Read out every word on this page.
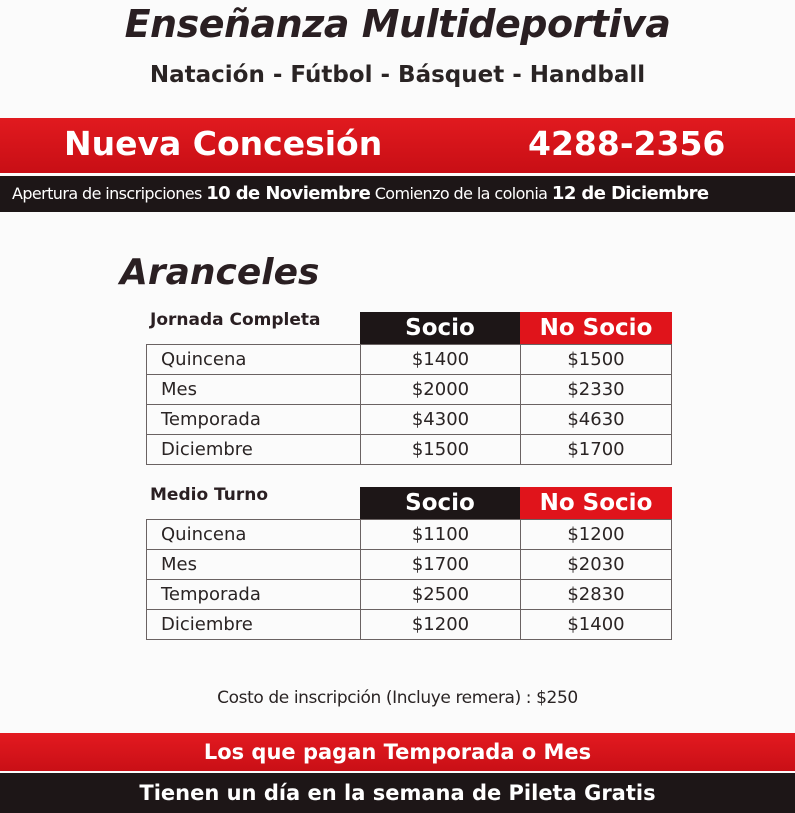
Enseñanza Multideportiva
Natación - Fútbol - Básquet - Handball
Nueva Concesión	4288-2356
Apertura de inscripciones 10 de Noviembre Comienzo de la colonia 12 de Diciembre
Aranceles
Jornada Completa	Socio	No Socio
Quincena	$1400	$1500
Mes	$2000	$2330
Temporada	$4300	$4630
Diciembre	$1500	$1700
Medio Turno	Socio	No Socio
Quincena	$1100	$1200
Mes	$1700	$2030
Temporada	$2500	$2830
Diciembre	$1200	$1400
Costo de inscripción (Incluye remera) : $250
Los que pagan Temporada o Mes
Tienen un día en la semana de Pileta Gratis
